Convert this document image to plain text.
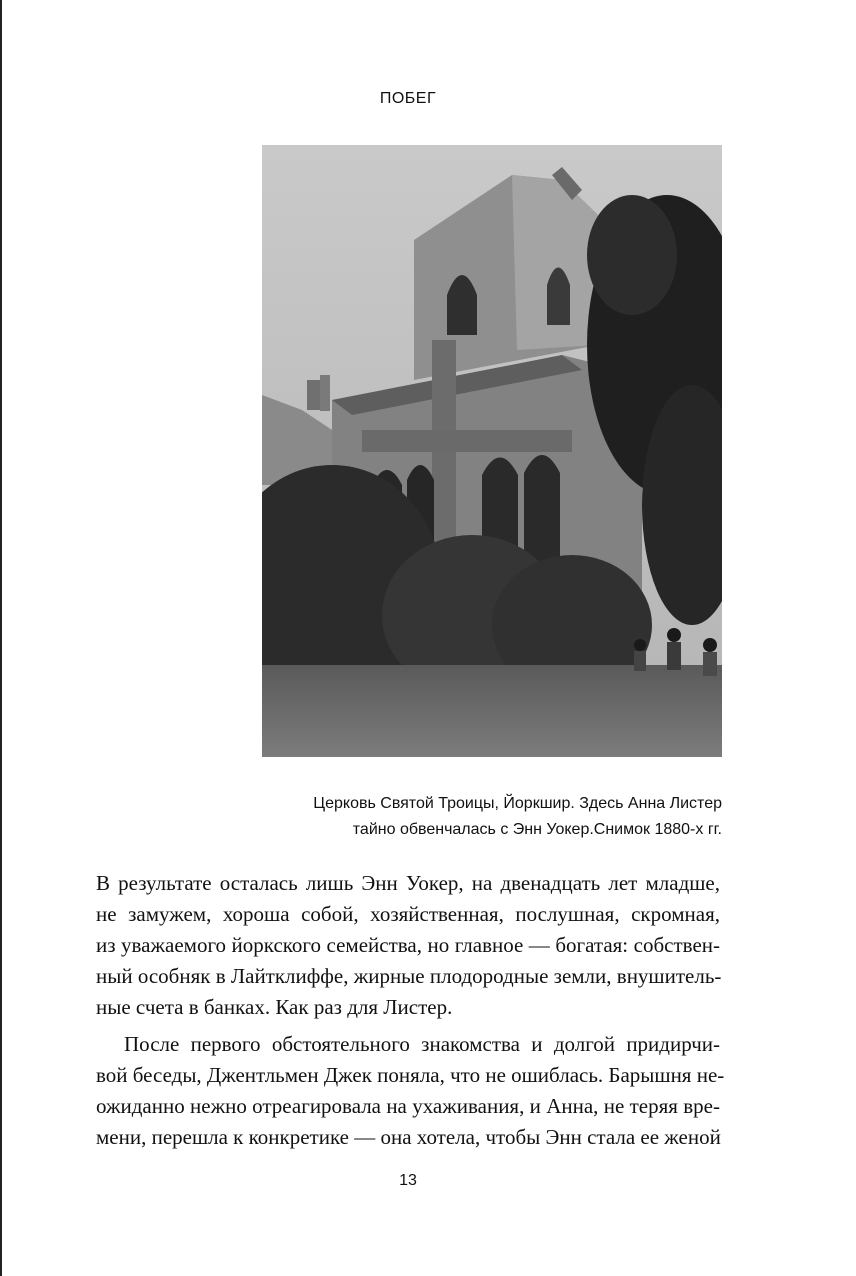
ПОБЕГ
Церковь Святой Троицы, Йоркшир. Здесь Анна Листер
тайно обвенчалась с Энн Уокер.Снимок 1880-х гг.
В результате осталась лишь Энн Уокер, на двенадцать лет младше,
не замужем, хороша собой, хозяйственная, послушная, скромная,
из уважаемого йоркского семейства, но главное — богатая: собствен-
ный особняк в Лайтклиффе, жирные плодородные земли, внушитель-
ные счета в банках. Как раз для Листер.
После первого обстоятельного знакомства и долгой придирчи-
вой беседы, Джентльмен Джек поняла, что не ошиблась. Барышня не-
ожиданно нежно отреагировала на ухаживания, и Анна, не теряя вре-
мени, перешла к конкретике — она хотела, чтобы Энн стала ее женой
13
